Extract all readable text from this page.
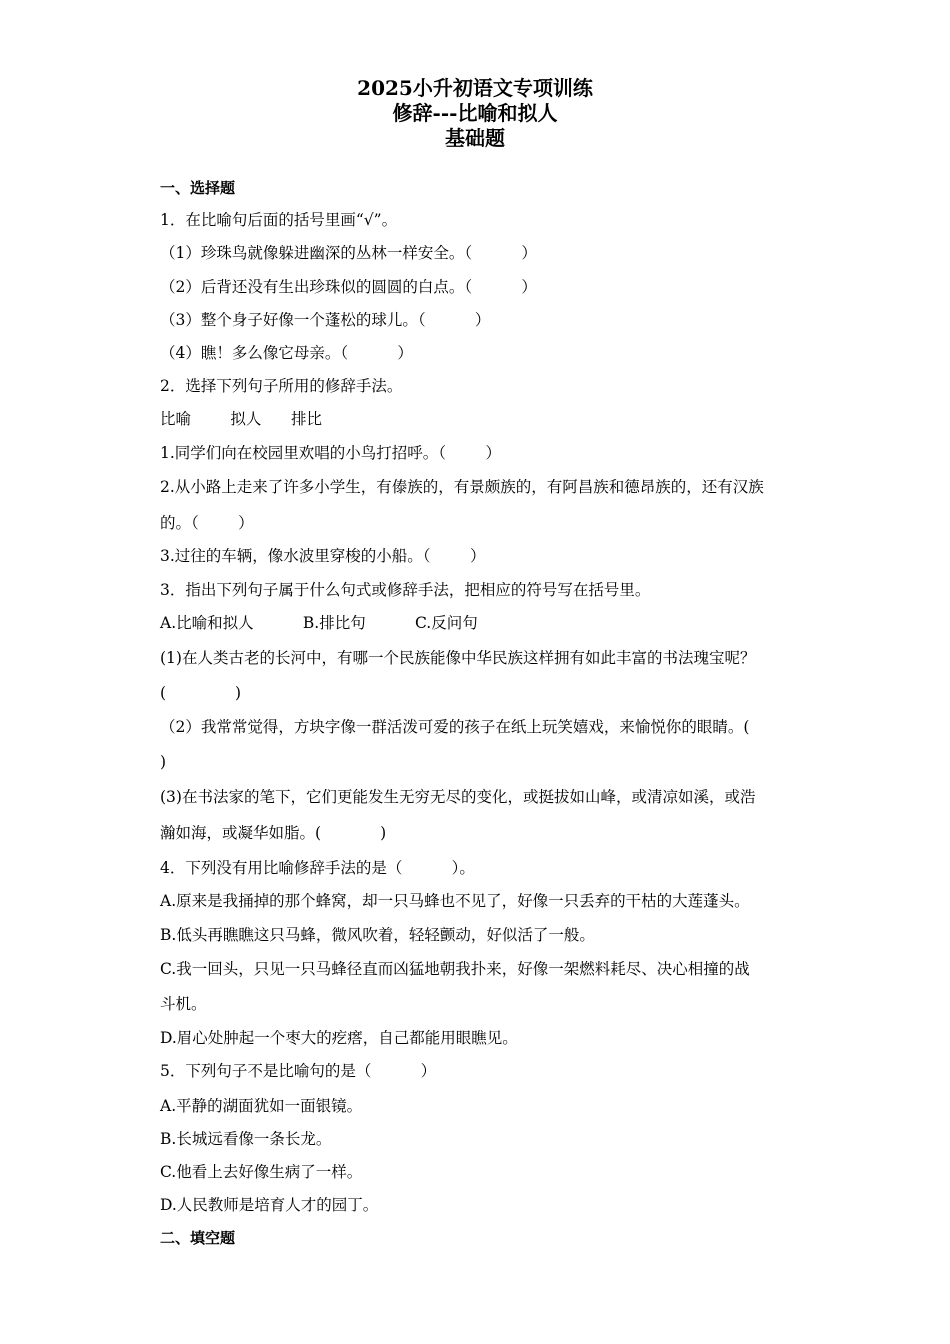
2025小升初语文专项训练
修辞---比喻和拟人
基础题
一、选择题
1．在比喻句后面的括号里画“√”。
（1）珍珠鸟就像躲进幽深的丛林一样安全。（          ）
（2）后背还没有生出珍珠似的圆圆的白点。（          ）
（3）整个身子好像一个蓬松的球儿。（          ）
（4）瞧！多么像它母亲。（          ）
2．选择下列句子所用的修辞手法。
比喻        拟人      排比
1.同学们向在校园里欢唱的小鸟打招呼。（        ）
2.从小路上走来了许多小学生，有傣族的，有景颇族的，有阿昌族和德昂族的，还有汉族
的。（        ）
3.过往的车辆，像水波里穿梭的小船。（        ）
3．指出下列句子属于什么句式或修辞手法，把相应的符号写在括号里。
A.比喻和拟人          B.排比句          C.反问句
(1)在人类古老的长河中，有哪一个民族能像中华民族这样拥有如此丰富的书法瑰宝呢？
(              )
（2）我常常觉得，方块字像一群活泼可爱的孩子在纸上玩笑嬉戏，来愉悦你的眼睛。(
)
(3)在书法家的笔下，它们更能发生无穷无尽的变化，或挺拔如山峰，或清凉如溪，或浩
瀚如海，或凝华如脂。(            )
4．下列没有用比喻修辞手法的是（          ）。
A.原来是我捅掉的那个蜂窝，却一只马蜂也不见了，好像一只丢弃的干枯的大莲蓬头。
B.低头再瞧瞧这只马蜂，微风吹着，轻轻颤动，好似活了一般。
C.我一回头，只见一只马蜂径直而凶猛地朝我扑来，好像一架燃料耗尽、决心相撞的战
斗机。
D.眉心处肿起一个枣大的疙瘩，自己都能用眼瞧见。
5．下列句子不是比喻句的是（          ）
A.平静的湖面犹如一面银镜。
B.长城远看像一条长龙。
C.他看上去好像生病了一样。
D.人民教师是培育人才的园丁。
二、填空题
